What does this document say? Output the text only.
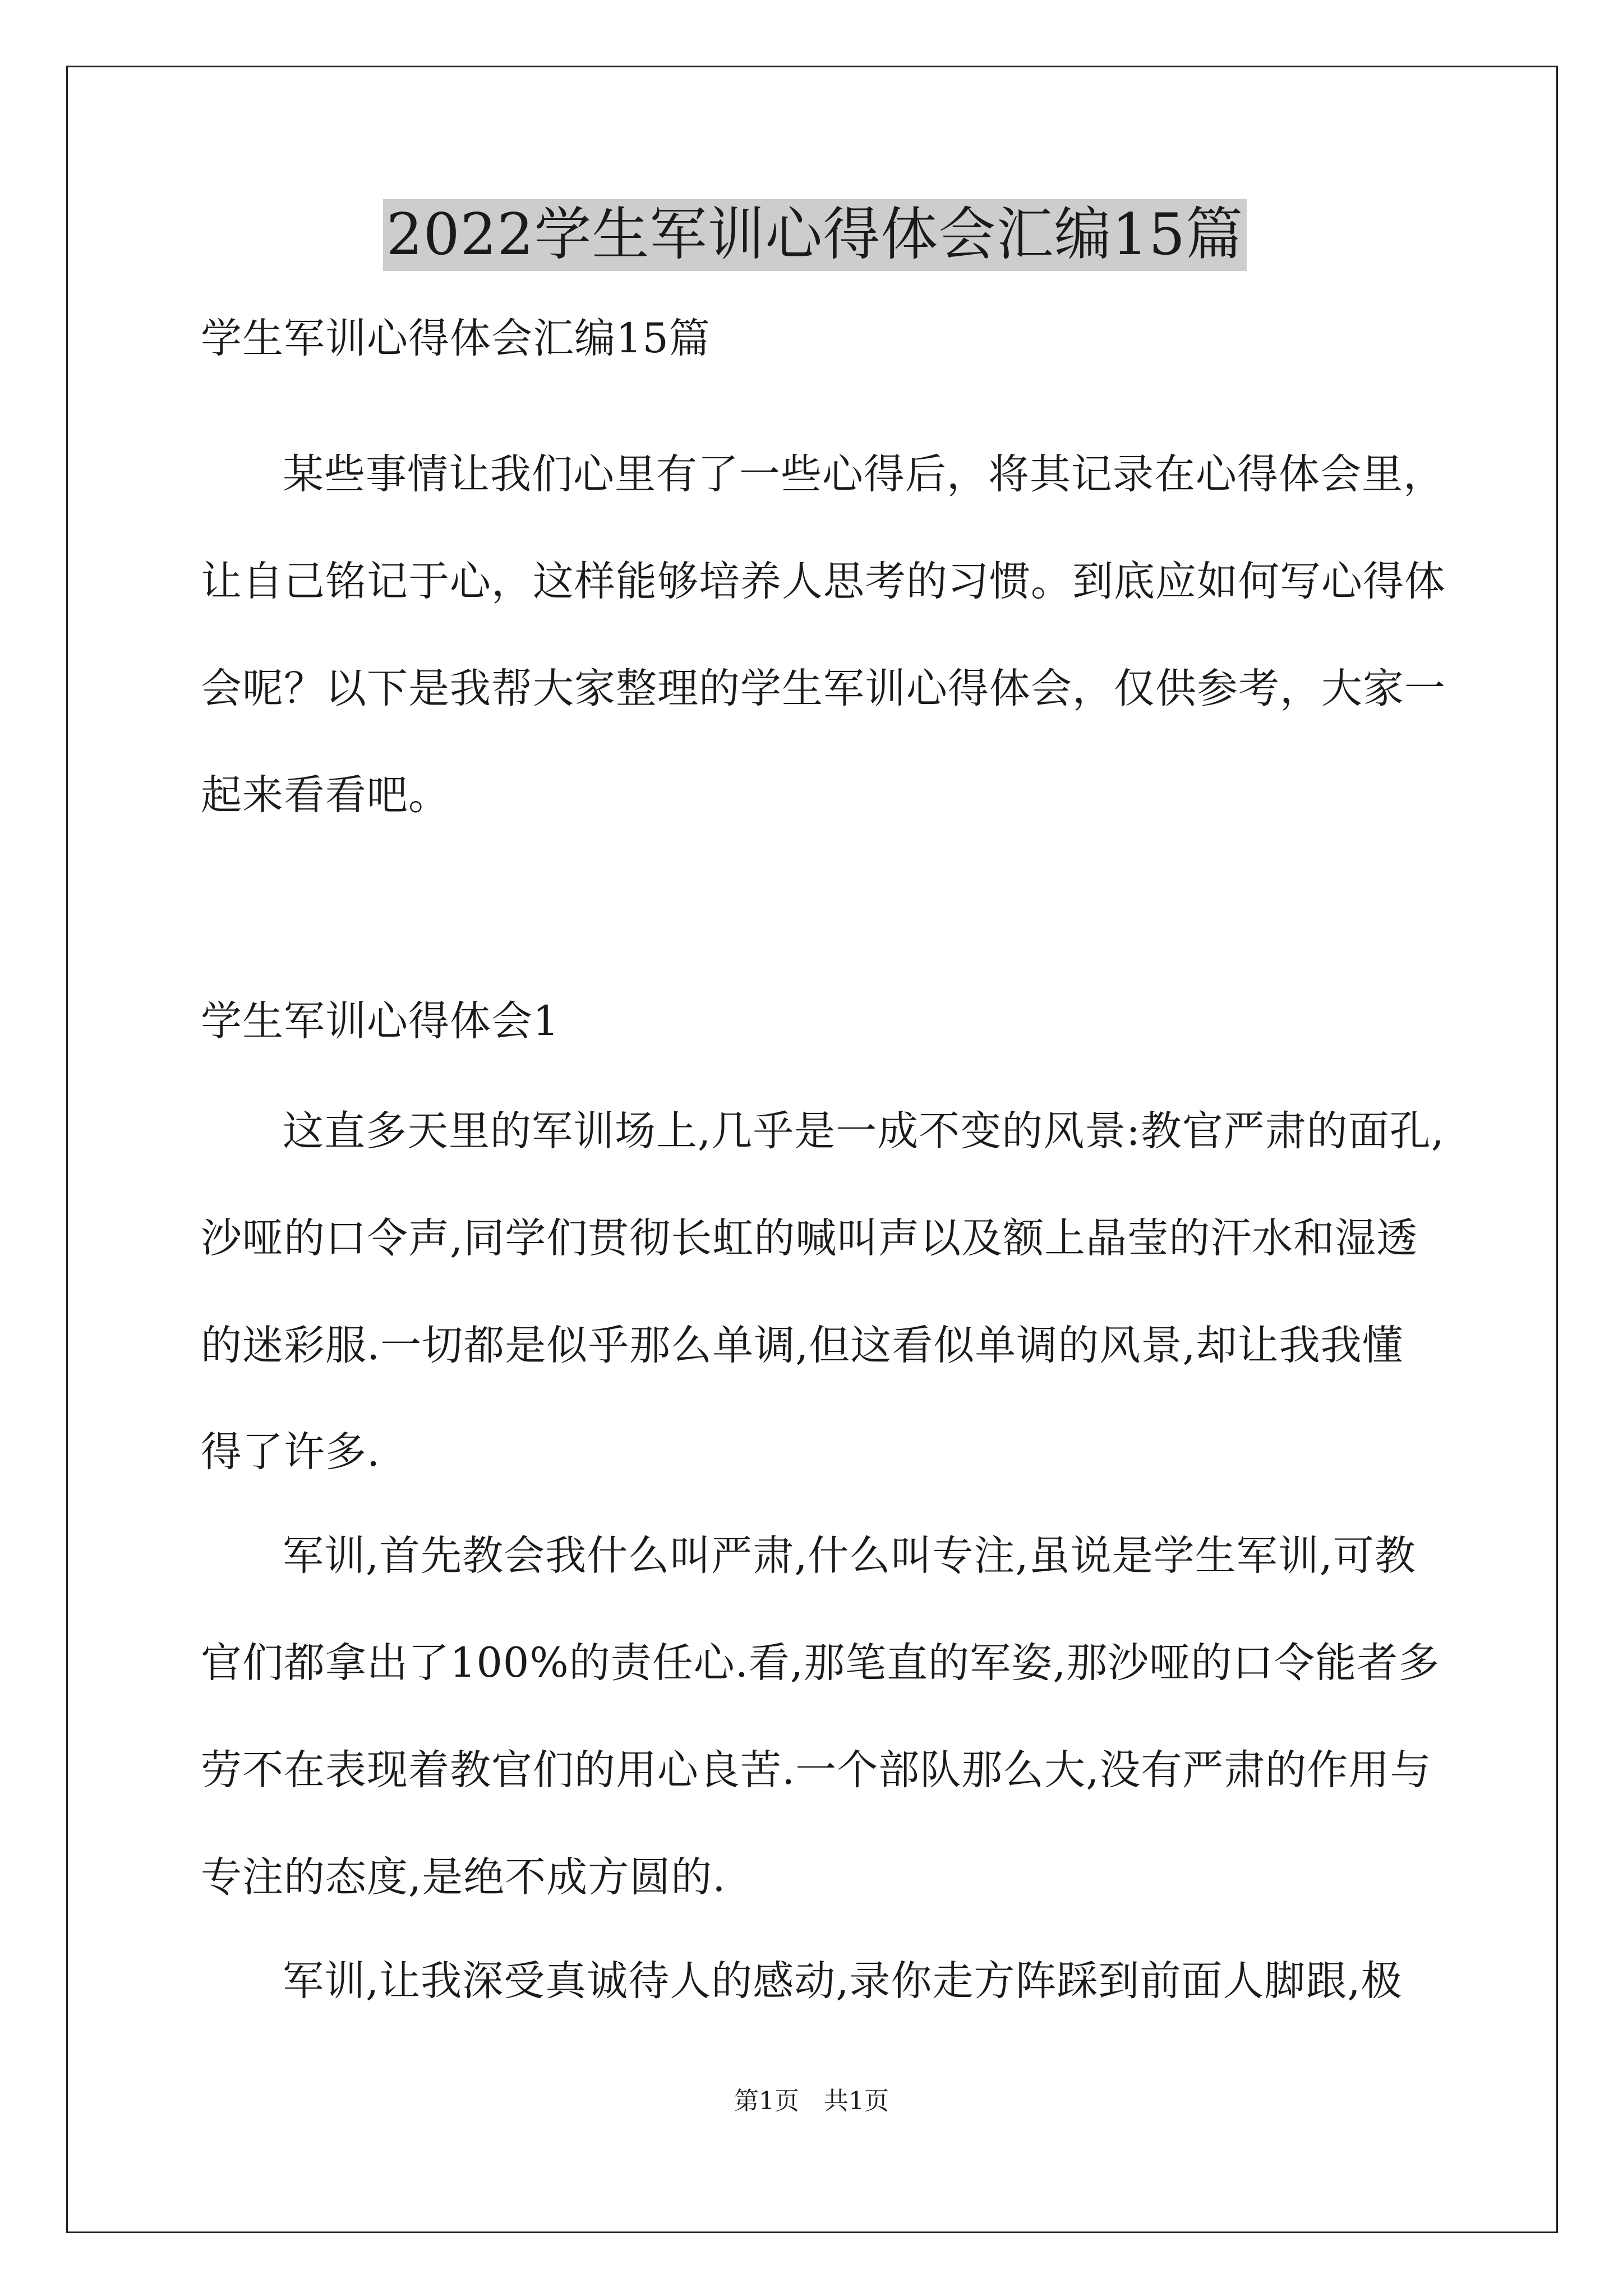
2022学生军训心得体会汇编15篇
学生军训心得体会汇编15篇
某些事情让我们心里有了一些心得后，将其记录在心得体会里，
让自己铭记于心，这样能够培养人思考的习惯。到底应如何写心得体
会呢？以下是我帮大家整理的学生军训心得体会，仅供参考，大家一
起来看看吧。
学生军训心得体会1
这直多天里的军训场上,几乎是一成不变的风景:教官严肃的面孔,
沙哑的口令声,同学们贯彻长虹的喊叫声以及额上晶莹的汗水和湿透
的迷彩服.一切都是似乎那么单调,但这看似单调的风景,却让我我懂
得了许多.
军训,首先教会我什么叫严肃,什么叫专注,虽说是学生军训,可教
官们都拿出了100%的责任心.看,那笔直的军姿,那沙哑的口令能者多
劳不在表现着教官们的用心良苦.一个部队那么大,没有严肃的作用与
专注的态度,是绝不成方圆的.
军训,让我深受真诚待人的感动,录你走方阵踩到前面人脚跟,极
第1页　共1页
